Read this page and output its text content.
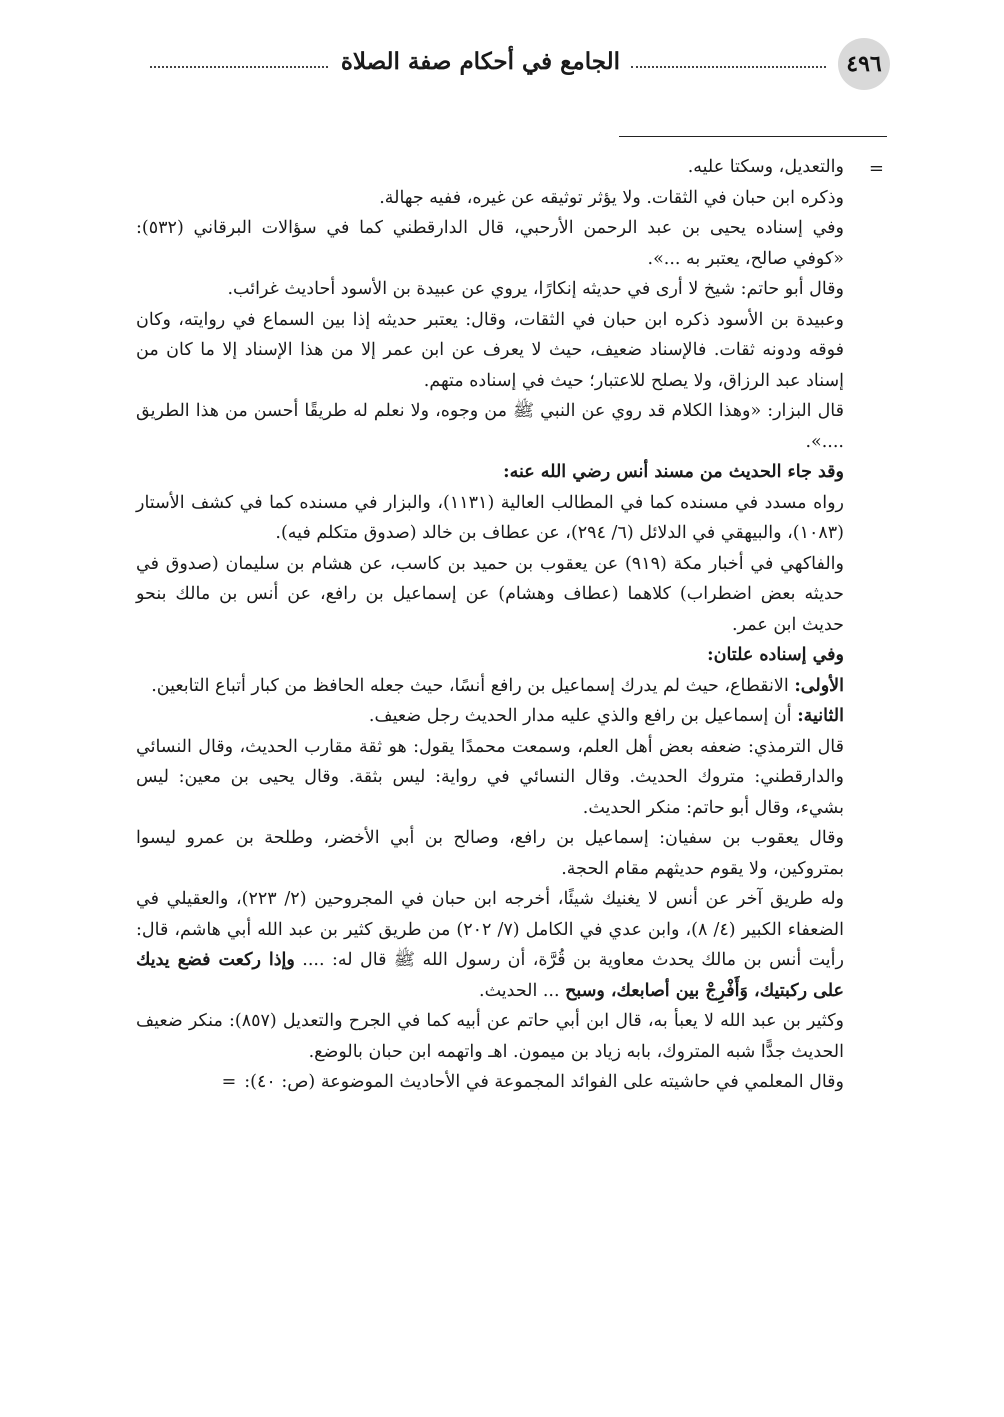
٤٩٦
الجامع في أحكام صفة الصلاة
=

والتعديل، وسكتا عليه.

وذكره ابن حبان في الثقات. ولا يؤثر توثيقه عن غيره، ففيه جهالة.

وفي إسناده يحيى بن عبد الرحمن الأرحبي، قال الدارقطني كما في سؤالات البرقاني (٥٣٢): «كوفي صالح، يعتبر به ...».

وقال أبو حاتم: شيخ لا أرى في حديثه إنكارًا، يروي عن عبيدة بن الأسود أحاديث غرائب.

وعبيدة بن الأسود ذكره ابن حبان في الثقات، وقال: يعتبر حديثه إذا بين السماع في روايته، وكان فوقه ودونه ثقات. فالإسناد ضعيف، حيث لا يعرف عن ابن عمر إلا من هذا الإسناد إلا ما كان من إسناد عبد الرزاق، ولا يصلح للاعتبار؛ حيث في إسناده متهم.

قال البزار: «وهذا الكلام قد روي عن النبي ﷺ من وجوه، ولا نعلم له طريقًا أحسن من هذا الطريق ....».

وقد جاء الحديث من مسند أنس رضي الله عنه:

رواه مسدد في مسنده كما في المطالب العالية (١١٣١)، والبزار في مسنده كما في كشف الأستار (١٠٨٣)، والبيهقي في الدلائل (٦/ ٢٩٤)، عن عطاف بن خالد (صدوق متكلم فيه).

والفاكهي في أخبار مكة (٩١٩) عن يعقوب بن حميد بن كاسب، عن هشام بن سليمان (صدوق في حديثه بعض اضطراب) كلاهما (عطاف وهشام) عن إسماعيل بن رافع، عن أنس بن مالك بنحو حديث ابن عمر.

وفي إسناده علتان:

الأولى: الانقطاع، حيث لم يدرك إسماعيل بن رافع أنسًا، حيث جعله الحافظ من كبار أتباع التابعين.

الثانية: أن إسماعيل بن رافع والذي عليه مدار الحديث رجل ضعيف.

قال الترمذي: ضعفه بعض أهل العلم، وسمعت محمدًا يقول: هو ثقة مقارب الحديث، وقال النسائي والدارقطني: متروك الحديث. وقال النسائي في رواية: ليس بثقة. وقال يحيى بن معين: ليس بشيء، وقال أبو حاتم: منكر الحديث.

وقال يعقوب بن سفيان: إسماعيل بن رافع، وصالح بن أبي الأخضر، وطلحة بن عمرو ليسوا بمتروكين، ولا يقوم حديثهم مقام الحجة.

وله طريق آخر عن أنس لا يغنيك شيئًا، أخرجه ابن حبان في المجروحين (٢/ ٢٢٣)، والعقيلي في الضعفاء الكبير (٤/ ٨)، وابن عدي في الكامل (٧/ ٢٠٢) من طريق كثير بن عبد الله أبي هاشم، قال: رأيت أنس بن مالك يحدث معاوية بن قُرَّة، أن رسول الله ﷺ قال له: .... وإذا ركعت فضع يديك على ركبتيك، وَأَفْرِجْ بين أصابعك، وسبح ... الحديث.

وكثير بن عبد الله لا يعبأ به، قال ابن أبي حاتم عن أبيه كما في الجرح والتعديل (٨٥٧): منكر ضعيف الحديث جدًّا شبه المتروك، بابه زياد بن ميمون. اهـ واتهمه ابن حبان بالوضع.

وقال المعلمي في حاشيته على الفوائد المجموعة في الأحاديث الموضوعة (ص: ٤٠):=
